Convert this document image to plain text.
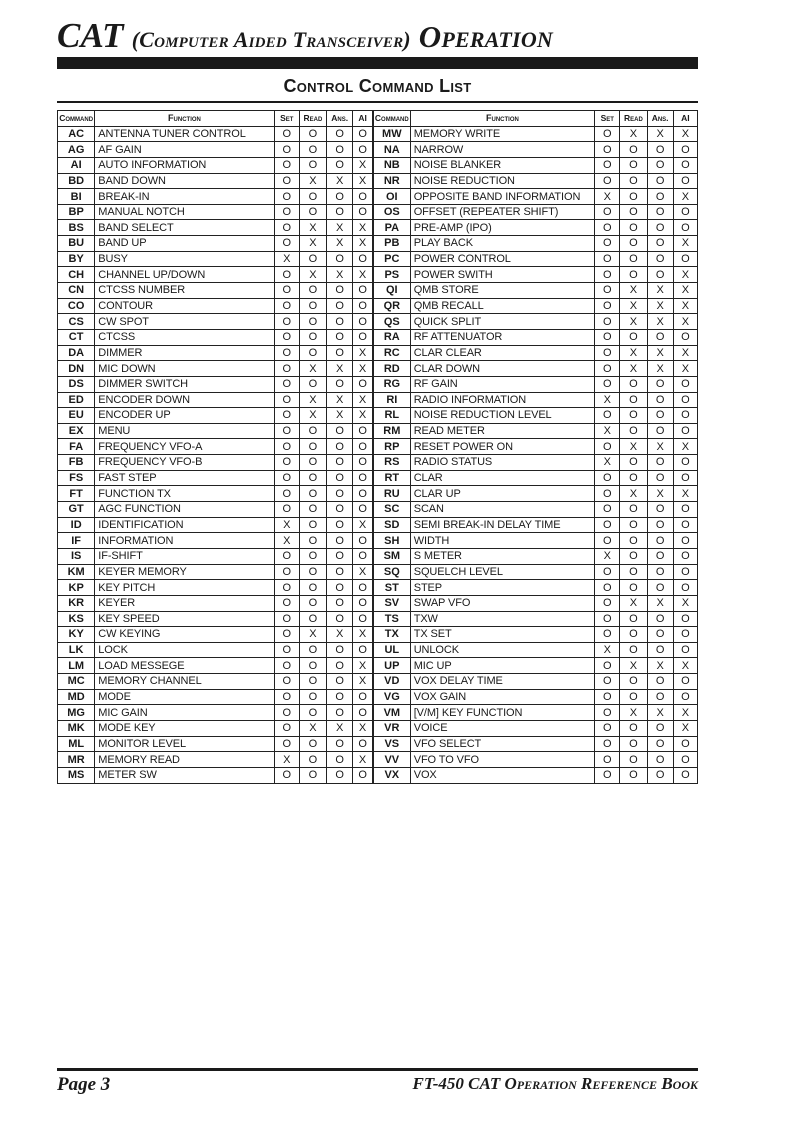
CAT (Computer Aided Transceiver) Operation
Control Command List
Command	Function	Set	Read	Ans.	AI	Command	Function	Set	Read	Ans.	AI
AC	ANTENNA TUNER CONTROL	O	O	O	O	MW	MEMORY WRITE	O	X	X	X
AG	AF GAIN	O	O	O	O	NA	NARROW	O	O	O	O
AI	AUTO INFORMATION	O	O	O	X	NB	NOISE BLANKER	O	O	O	O
BD	BAND DOWN	O	X	X	X	NR	NOISE REDUCTION	O	O	O	O
BI	BREAK-IN	O	O	O	O	OI	OPPOSITE BAND INFORMATION	X	O	O	X
BP	MANUAL NOTCH	O	O	O	O	OS	OFFSET (REPEATER SHIFT)	O	O	O	O
BS	BAND SELECT	O	X	X	X	PA	PRE-AMP (IPO)	O	O	O	O
BU	BAND UP	O	X	X	X	PB	PLAY BACK	O	O	O	X
BY	BUSY	X	O	O	O	PC	POWER CONTROL	O	O	O	O
CH	CHANNEL UP/DOWN	O	X	X	X	PS	POWER SWITH	O	O	O	X
CN	CTCSS NUMBER	O	O	O	O	QI	QMB STORE	O	X	X	X
CO	CONTOUR	O	O	O	O	QR	QMB RECALL	O	X	X	X
CS	CW SPOT	O	O	O	O	QS	QUICK SPLIT	O	X	X	X
CT	CTCSS	O	O	O	O	RA	RF ATTENUATOR	O	O	O	O
DA	DIMMER	O	O	O	X	RC	CLAR CLEAR	O	X	X	X
DN	MIC DOWN	O	X	X	X	RD	CLAR DOWN	O	X	X	X
DS	DIMMER SWITCH	O	O	O	O	RG	RF GAIN	O	O	O	O
ED	ENCODER DOWN	O	X	X	X	RI	RADIO INFORMATION	X	O	O	O
EU	ENCODER UP	O	X	X	X	RL	NOISE REDUCTION LEVEL	O	O	O	O
EX	MENU	O	O	O	O	RM	READ METER	X	O	O	O
FA	FREQUENCY VFO-A	O	O	O	O	RP	RESET POWER ON	O	X	X	X
FB	FREQUENCY VFO-B	O	O	O	O	RS	RADIO STATUS	X	O	O	O
FS	FAST STEP	O	O	O	O	RT	CLAR	O	O	O	O
FT	FUNCTION TX	O	O	O	O	RU	CLAR UP	O	X	X	X
GT	AGC FUNCTION	O	O	O	O	SC	SCAN	O	O	O	O
ID	IDENTIFICATION	X	O	O	X	SD	SEMI BREAK-IN DELAY TIME	O	O	O	O
IF	INFORMATION	X	O	O	O	SH	WIDTH	O	O	O	O
IS	IF-SHIFT	O	O	O	O	SM	S METER	X	O	O	O
KM	KEYER MEMORY	O	O	O	X	SQ	SQUELCH LEVEL	O	O	O	O
KP	KEY PITCH	O	O	O	O	ST	STEP	O	O	O	O
KR	KEYER	O	O	O	O	SV	SWAP VFO	O	X	X	X
KS	KEY SPEED	O	O	O	O	TS	TXW	O	O	O	O
KY	CW KEYING	O	X	X	X	TX	TX SET	O	O	O	O
LK	LOCK	O	O	O	O	UL	UNLOCK	X	O	O	O
LM	LOAD MESSEGE	O	O	O	X	UP	MIC UP	O	X	X	X
MC	MEMORY CHANNEL	O	O	O	X	VD	VOX DELAY TIME	O	O	O	O
MD	MODE	O	O	O	O	VG	VOX GAIN	O	O	O	O
MG	MIC GAIN	O	O	O	O	VM	[V/M] KEY FUNCTION	O	X	X	X
MK	MODE KEY	O	X	X	X	VR	VOICE	O	O	O	X
ML	MONITOR LEVEL	O	O	O	O	VS	VFO SELECT	O	O	O	O
MR	MEMORY READ	X	O	O	X	VV	VFO TO VFO	O	O	O	O
MS	METER SW	O	O	O	O	VX	VOX	O	O	O	O
Page 3	FT-450 CAT Operation Reference Book
